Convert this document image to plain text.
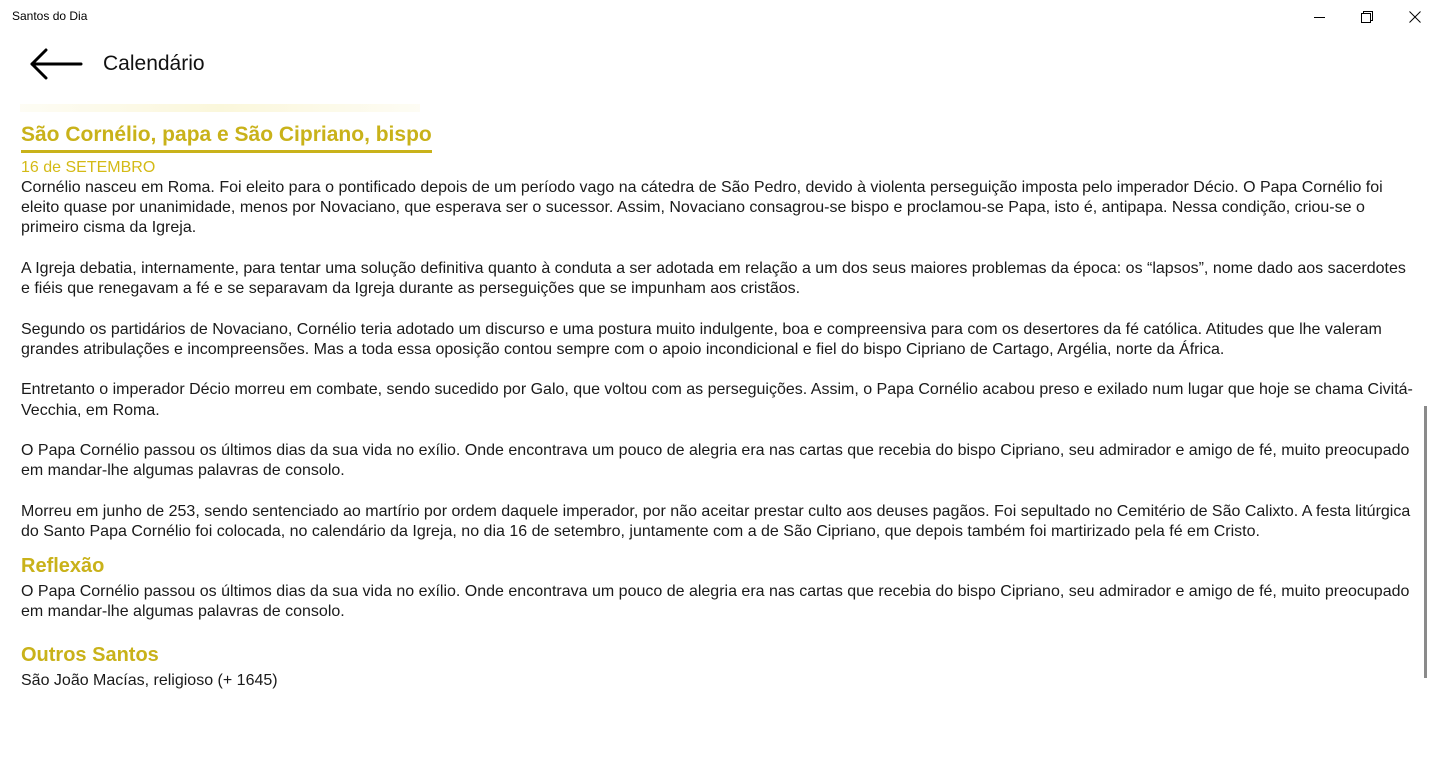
Santos do Dia
Calendário
São Cornélio, papa e São Cipriano, bispo
16 de SETEMBRO

Cornélio nasceu em Roma. Foi eleito para o pontificado depois de um período vago na cátedra de São Pedro, devido à violenta perseguição imposta pelo imperador Décio. O Papa Cornélio foi eleito quase por unanimidade, menos por Novaciano, que esperava ser o sucessor. Assim, Novaciano consagrou-se bispo e proclamou-se Papa, isto é, antipapa. Nessa condição, criou-se o primeiro cisma da Igreja.

A Igreja debatia, internamente, para tentar uma solução definitiva quanto à conduta a ser adotada em relação a um dos seus maiores problemas da época: os “lapsos”, nome dado aos sacerdotes e fiéis que renegavam a fé e se separavam da Igreja durante as perseguições que se impunham aos cristãos.

Segundo os partidários de Novaciano, Cornélio teria adotado um discurso e uma postura muito indulgente, boa e compreensiva para com os desertores da fé católica. Atitudes que lhe valeram grandes atribulações e incompreensões. Mas a toda essa oposição contou sempre com o apoio incondicional e fiel do bispo Cipriano de Cartago, Argélia, norte da África.

Entretanto o imperador Décio morreu em combate, sendo sucedido por Galo, que voltou com as perseguições. Assim, o Papa Cornélio acabou preso e exilado num lugar que hoje se chama Civitá-Vecchia, em Roma.

O Papa Cornélio passou os últimos dias da sua vida no exílio. Onde encontrava um pouco de alegria era nas cartas que recebia do bispo Cipriano, seu admirador e amigo de fé, muito preocupado em mandar-lhe algumas palavras de consolo.

Morreu em junho de 253, sendo sentenciado ao martírio por ordem daquele imperador, por não aceitar prestar culto aos deuses pagãos. Foi sepultado no Cemitério de São Calixto. A festa litúrgica do Santo Papa Cornélio foi colocada, no calendário da Igreja, no dia 16 de setembro, juntamente com a de São Cipriano, que depois também foi martirizado pela fé em Cristo.

Reflexão

O Papa Cornélio passou os últimos dias da sua vida no exílio. Onde encontrava um pouco de alegria era nas cartas que recebia do bispo Cipriano, seu admirador e amigo de fé, muito preocupado em mandar-lhe algumas palavras de consolo.

Outros Santos

São João Macías, religioso (+ 1645)
